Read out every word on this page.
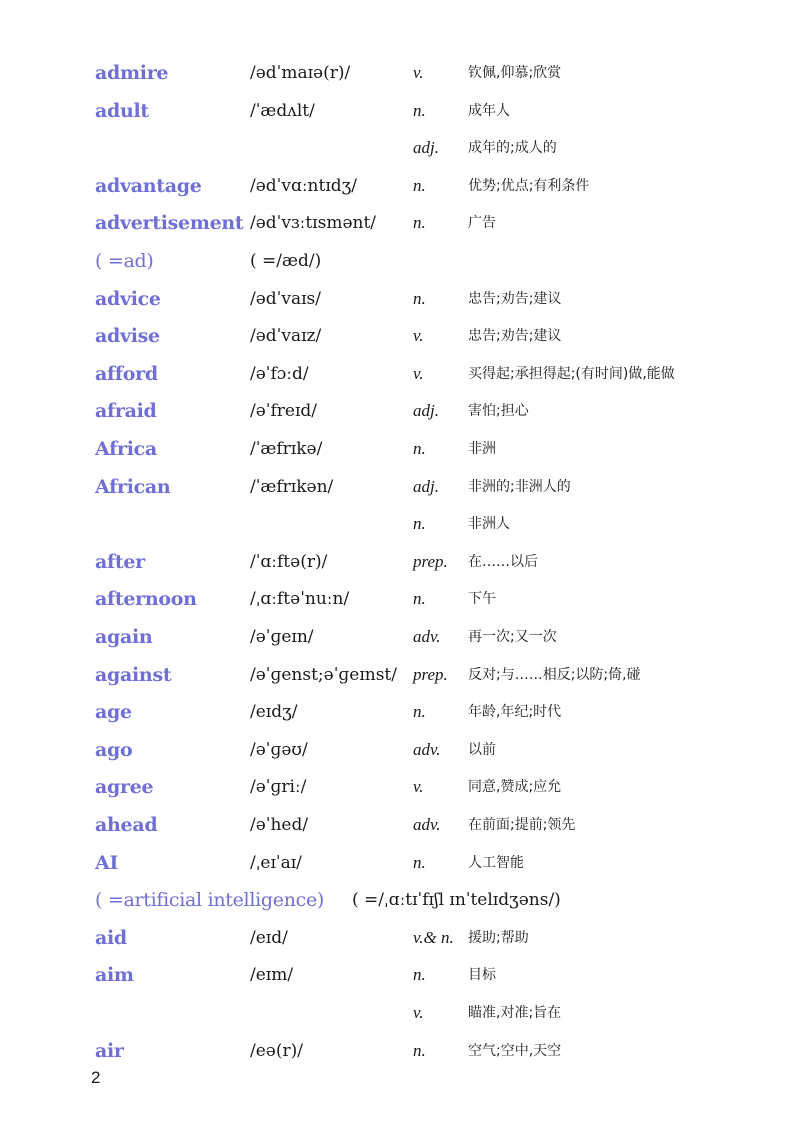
admire	/ədˈmaɪə(r)/	v.	钦佩,仰慕;欣赏
adult	/ˈædʌlt/	n.	成年人
adj. 成年的;成人的
advantage	/ədˈvɑːntɪdʒ/	n.	优势;优点;有利条件
advertisement /ədˈvɜːtɪsmənt/ n.	广告
( =ad)	( =/æd/)
advice	/ədˈvaɪs/	n.	忠告;劝告;建议
advise	/ədˈvaɪz/	v.	忠告;劝告;建议
afford	/əˈfɔːd/	v.	买得起;承担得起;(有时间)做,能做
afraid	/əˈfreɪd/	adj. 害怕;担心
Africa	/ˈæfrɪkə/	n.	非洲
African	/ˈæfrɪkən/	adj. 非洲的;非洲人的
n.	非洲人
after	/ˈɑːftə(r)/	prep. 在……以后
afternoon	/ˌɑːftəˈnuːn/	n.	下午
again	/əˈɡeɪn/	adv. 再一次;又一次
against	/əˈɡenst;əˈɡeɪnst/ prep. 反对;与……相反;以防;倚,碰
age	/eɪdʒ/	n.	年龄,年纪;时代
ago	/əˈɡəʊ/	adv. 以前
agree	/əˈɡriː/	v.	同意,赞成;应允
ahead	/əˈhed/	adv. 在前面;提前;领先
AI	/ˌeɪˈaɪ/	n.	人工智能
( =artificial intelligence) ( =/ˌɑːtɪˈfɪʃl ɪnˈtelɪdʒəns/)
aid	/eɪd/	v.& n. 援助;帮助
aim	/eɪm/	n.	目标
v.	瞄准,对准;旨在
air	/eə(r)/	n.	空气;空中,天空
2
